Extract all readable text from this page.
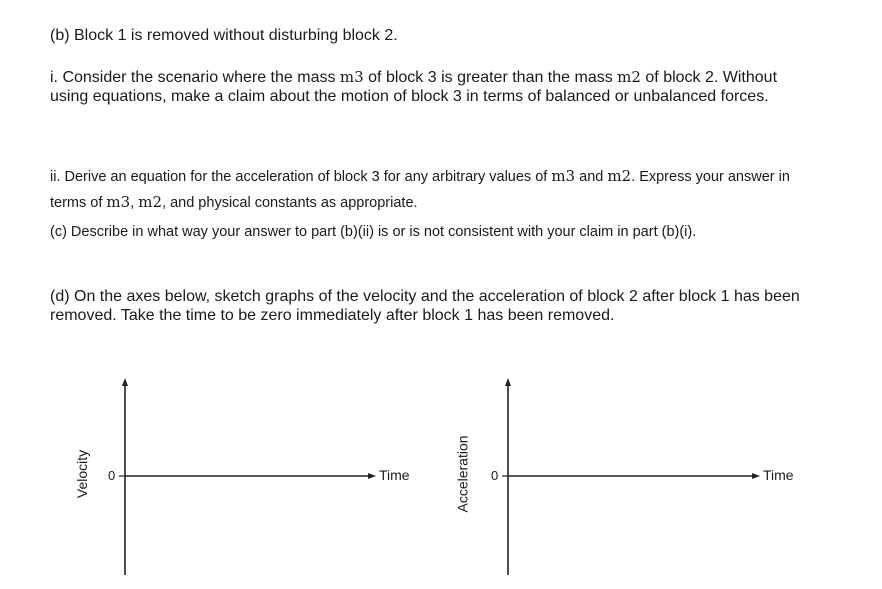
(b) Block 1 is removed without disturbing block 2.

i. Consider the scenario where the mass m3 of block 3 is greater than the mass m2 of block 2. Without using equations, make a claim about the motion of block 3 in terms of balanced or unbalanced forces.

ii. Derive an equation for the acceleration of block 3 for any arbitrary values of m3 and m2. Express your answer in terms of m3, m2, and physical constants as appropriate.

(c) Describe in what way your answer to part (b)(ii) is or is not consistent with your claim in part (b)(i).

(d) On the axes below, sketch graphs of the velocity and the acceleration of block 2 after block 1 has been removed. Take the time to be zero immediately after block 1 has been removed.

Velocity 0	Time	Acceleration 0	Time
